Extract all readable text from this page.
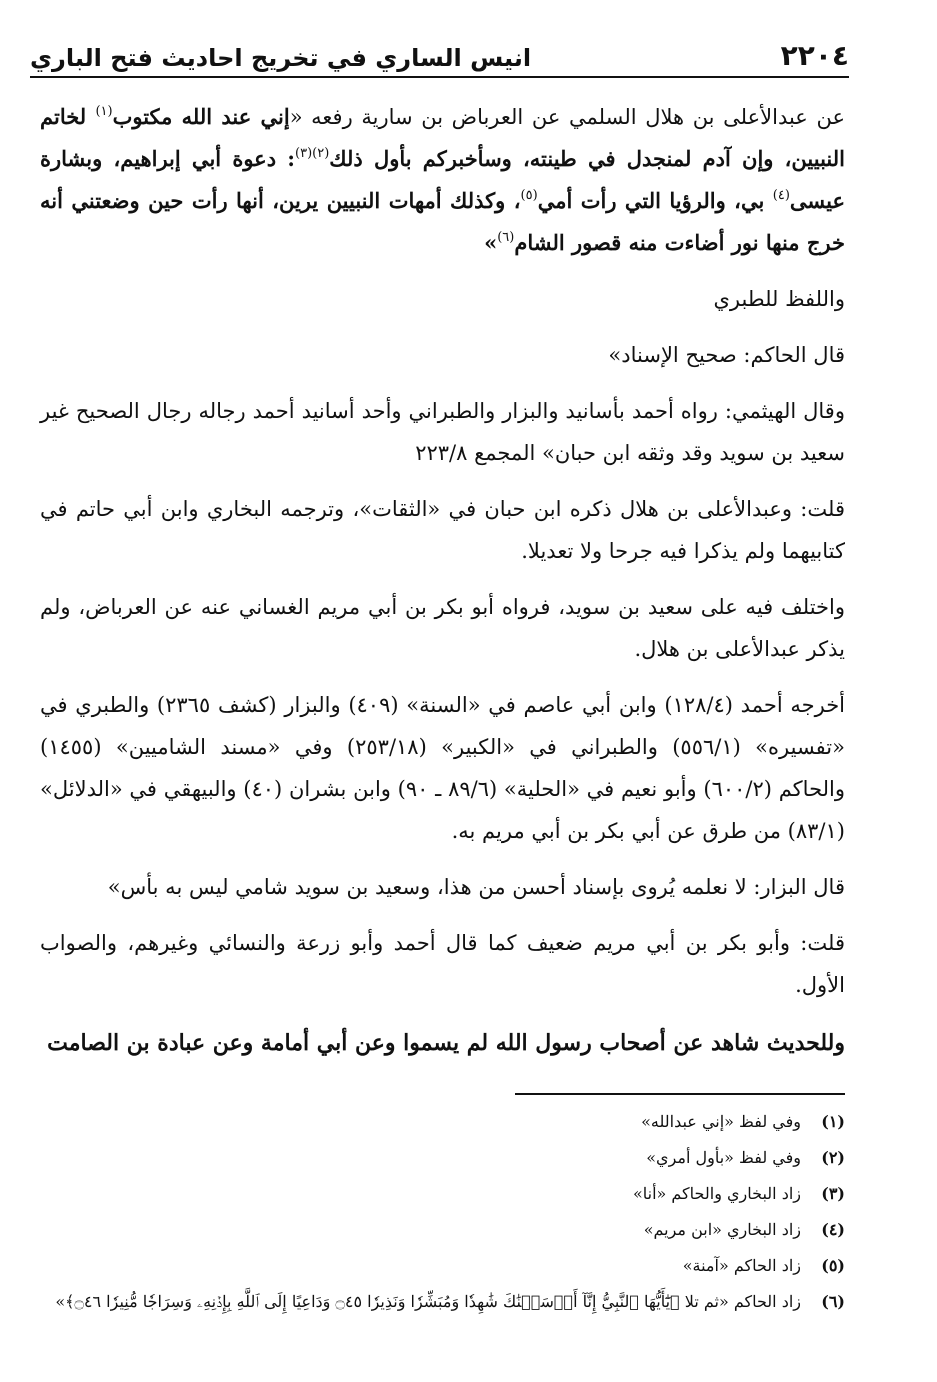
٢٢٠٤
انيس الساري في تخريج احاديث فتح الباري

عن عبدالأعلى بن هلال السلمي عن العرباض بن سارية رفعه «إني عند الله مكتوب$^{(١)}$ لخاتم النبيين، وإن آدم لمنجدل في طينته، وسأخبركم بأول ذلك$^{(٢)(٣)}$: دعوة أبي إبراهيم، وبشارة عيسى$^{(٤)}$ بي، والرؤيا التي رأت أمي$^{(٥)}$، وكذلك أمهات النبيين يرين، أنها رأت حين وضعتني أنه خرج منها نور أضاءت منه قصور الشام$^{(٦)}$»

واللفظ للطبري

قال الحاكم: صحيح الإسناد»

وقال الهيثمي: رواه أحمد بأسانيد والبزار والطبراني وأحد أسانيد أحمد رجاله رجال الصحيح غير سعيد بن سويد وقد وثقه ابن حبان» المجمع ٢٢٣/٨

قلت: وعبدالأعلى بن هلال ذكره ابن حبان في «الثقات»، وترجمه البخاري وابن أبي حاتم في كتابيهما ولم يذكرا فيه جرحا ولا تعديلا.

واختلف فيه على سعيد بن سويد، فرواه أبو بكر بن أبي مريم الغساني عنه عن العرباض، ولم يذكر عبدالأعلى بن هلال.

أخرجه أحمد (١٢٨/٤) وابن أبي عاصم في «السنة» (٤٠٩) والبزار (كشف ٢٣٦٥) والطبري في «تفسيره» (٥٥٦/١) والطبراني في «الكبير» (٢٥٣/١٨) وفي «مسند الشاميين» (١٤٥٥) والحاكم (٦٠٠/٢) وأبو نعيم في «الحلية» (٨٩/٦ ـ ٩٠) وابن بشران (٤٠) والبيهقي في «الدلائل» (٨٣/١) من طرق عن أبي بكر بن أبي مريم به.

قال البزار: لا نعلمه يُروى بإسناد أحسن من هذا، وسعيد بن سويد شامي ليس به بأس»

قلت: وأبو بكر بن أبي مريم ضعيف كما قال أحمد وأبو زرعة والنسائي وغيرهم، والصواب الأول.

وللحديث شاهد عن أصحاب رسول الله لم يسموا وعن أبي أمامة وعن عبادة بن الصامت

(١)
وفي لفظ «إني عبدالله»
(٢)
وفي لفظ «بأول أمري»
(٣)
زاد البخاري والحاكم «أنا»
(٤)
زاد البخاري «ابن مريم»
(٥)
زاد الحاكم «آمنة»
(٦)
زاد الحاكم «ثم تلا ﴿يَٰٓأَيُّهَا ٱلنَّبِيُّ إِنَّآ أَرۡسَلۡنَٰكَ شَٰهِدٗا وَمُبَشِّرٗا وَنَذِيرٗا ۝٤٥ وَدَاعِيًا إِلَى ٱللَّهِ بِإِذۡنِهِۦ وَسِرَاجٗا مُّنِيرٗا ۝٤٦﴾»
